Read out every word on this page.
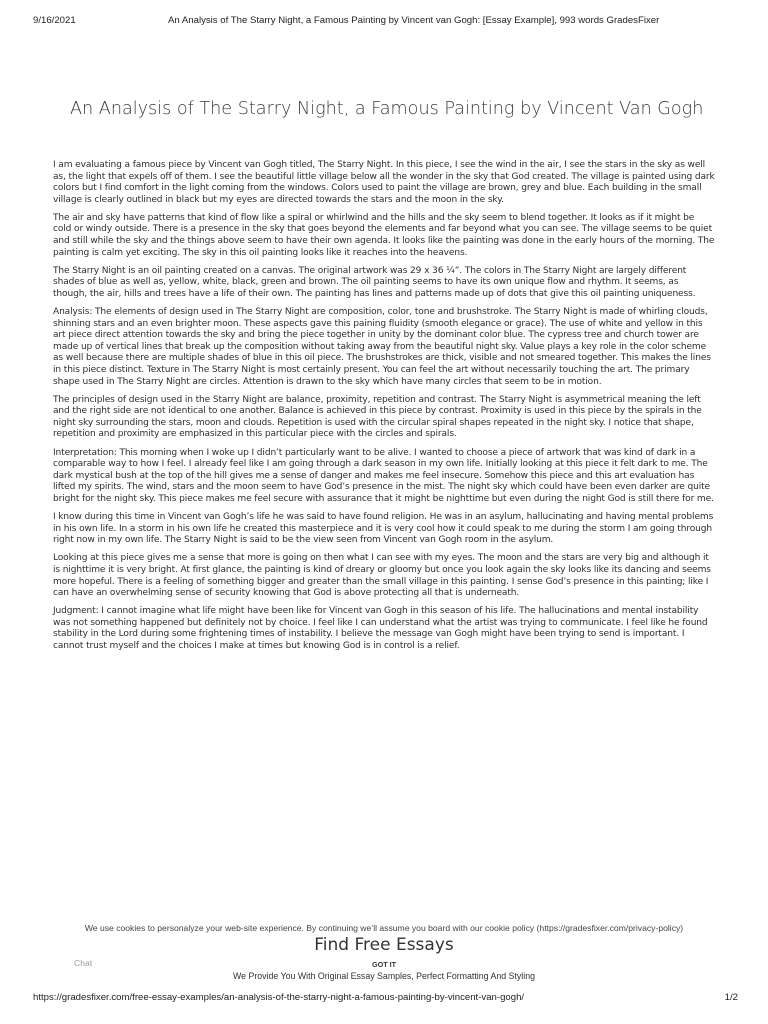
9/16/2021	An Analysis of The Starry Night, a Famous Painting by Vincent van Gogh: [Essay Example], 993 words GradesFixer
An Analysis of The Starry Night, a Famous Painting by Vincent Van Gogh

I am evaluating a famous piece by Vincent van Gogh titled, The Starry Night. In this piece, I see the wind in the air, I see the stars in the sky as well as, the light that expels off of them. I see the beautiful little village below all the wonder in the sky that God created. The village is painted using dark colors but I find comfort in the light coming from the windows. Colors used to paint the village are brown, grey and blue. Each building in the small village is clearly outlined in black but my eyes are directed towards the stars and the moon in the sky.

The air and sky have patterns that kind of flow like a spiral or whirlwind and the hills and the sky seem to blend together. It looks as if it might be cold or windy outside. There is a presence in the sky that goes beyond the elements and far beyond what you can see. The village seems to be quiet and still while the sky and the things above seem to have their own agenda. It looks like the painting was done in the early hours of the morning. The painting is calm yet exciting. The sky in this oil painting looks like it reaches into the heavens.

The Starry Night is an oil painting created on a canvas. The original artwork was 29 x 36 ¼”. The colors in The Starry Night are largely different shades of blue as well as, yellow, white, black, green and brown. The oil painting seems to have its own unique flow and rhythm. It seems, as though, the air, hills and trees have a life of their own. The painting has lines and patterns made up of dots that give this oil painting uniqueness.

Analysis: The elements of design used in The Starry Night are composition, color, tone and brushstroke. The Starry Night is made of whirling clouds, shinning stars and an even brighter moon. These aspects gave this paining fluidity (smooth elegance or grace). The use of white and yellow in this art piece direct attention towards the sky and bring the piece together in unity by the dominant color blue. The cypress tree and church tower are made up of vertical lines that break up the composition without taking away from the beautiful night sky. Value plays a key role in the color scheme as well because there are multiple shades of blue in this oil piece. The brushstrokes are thick, visible and not smeared together. This makes the lines in this piece distinct. Texture in The Starry Night is most certainly present. You can feel the art without necessarily touching the art. The primary shape used in The Starry Night are circles. Attention is drawn to the sky which have many circles that seem to be in motion.

The principles of design used in the Starry Night are balance, proximity, repetition and contrast. The Starry Night is asymmetrical meaning the left and the right side are not identical to one another. Balance is achieved in this piece by contrast. Proximity is used in this piece by the spirals in the night sky surrounding the stars, moon and clouds. Repetition is used with the circular spiral shapes repeated in the night sky. I notice that shape, repetition and proximity are emphasized in this particular piece with the circles and spirals.

Interpretation: This morning when I woke up I didn’t particularly want to be alive. I wanted to choose a piece of artwork that was kind of dark in a comparable way to how I feel. I already feel like I am going through a dark season in my own life. Initially looking at this piece it felt dark to me. The dark mystical bush at the top of the hill gives me a sense of danger and makes me feel insecure. Somehow this piece and this art evaluation has lifted my spirits. The wind, stars and the moon seem to have God’s presence in the mist. The night sky which could have been even darker are quite bright for the night sky. This piece makes me feel secure with assurance that it might be nighttime but even during the night God is still there for me.

I know during this time in Vincent van Gogh’s life he was said to have found religion. He was in an asylum, hallucinating and having mental problems in his own life. In a storm in his own life he created this masterpiece and it is very cool how it could speak to me during the storm I am going through right now in my own life. The Starry Night is said to be the view seen from Vincent van Gogh room in the asylum.

Looking at this piece gives me a sense that more is going on then what I can see with my eyes. The moon and the stars are very big and although it is nighttime it is very bright. At first glance, the painting is kind of dreary or gloomy but once you look again the sky looks like its dancing and seems more hopeful. There is a feeling of something bigger and greater than the small village in this painting. I sense God’s presence in this painting; like I can have an overwhelming sense of security knowing that God is above protecting all that is underneath.

Judgment: I cannot imagine what life might have been like for Vincent van Gogh in this season of his life. The hallucinations and mental instability was not something happened but definitely not by choice. I feel like I can understand what the artist was trying to communicate. I feel like he found stability in the Lord during some frightening times of instability. I believe the message van Gogh might have been trying to send is important. I cannot trust myself and the choices I make at times but knowing God is in control is a relief.

Find Free Essays
We use cookies to personalyze your web-site experience. By continuing we’ll assume you board with our cookie policy (https://gradesfixer.com/privacy-policy)
GOT IT
We Provide You With Original Essay Samples, Perfect Formatting And Styling
Chat
https://gradesfixer.com/free-essay-examples/an-analysis-of-the-starry-night-a-famous-painting-by-vincent-van-gogh/	1/2
